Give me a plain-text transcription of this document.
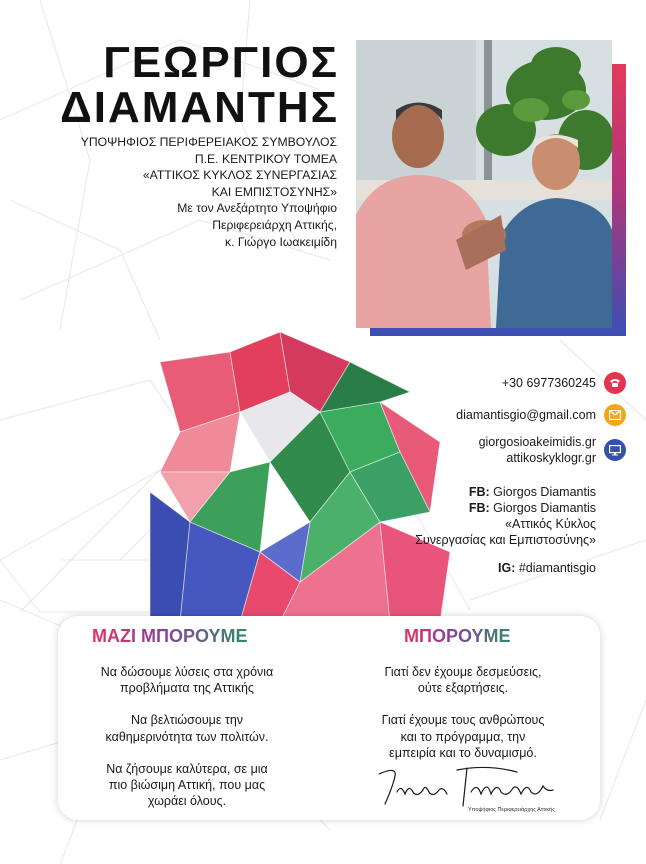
ΓΕΩΡΓΙΟΣ
ΔΙΑΜΑΝΤΗΣ
ΥΠΟΨΗΦΙΟΣ ΠΕΡΙΦΕΡΕΙΑΚΟΣ ΣΥΜΒΟΥΛΟΣ
Π.Ε. ΚΕΝΤΡΙΚΟΥ ΤΟΜΕΑ
«ΑΤΤΙΚΟΣ ΚΥΚΛΟΣ ΣΥΝΕΡΓΑΣΙΑΣ
ΚΑΙ ΕΜΠΙΣΤΟΣΥΝΗΣ»
Με τον Ανεξάρτητο Υποψήφιο
Περιφερειάρχη Αττικής,
κ. Γιώργο Ιωακειμίδη
+30 6977360245
diamantisgio@gmail.com
giorgosioakeimidis.gr
attikoskyklogr.gr
FB: Giorgos Diamantis
FB: Giorgos Diamantis
«Αττικός Κύκλος
Συνεργασίας και Εμπιστοσύνης»
IG: #diamantisgio
ΜΑΖΙ ΜΠΟΡΟΥΜΕ

Να δώσουμε λύσεις στα χρόνια
προβλήματα της Αττικής

Να βελτιώσουμε την
καθημερινότητα των πολιτών.

Να ζήσουμε καλύτερα, σε μια
πιο βιώσιμη Αττική, που μας
χωράει όλους.

ΜΠΟΡΟΥΜΕ

Γιατί δεν έχουμε δεσμεύσεις,
ούτε εξαρτήσεις.

Γιατί έχουμε τους ανθρώπους
και το πρόγραμμα, την
εμπειρία και το δυναμισμό.

Υποψήφιος Περιφερειάρχης Αττικής
